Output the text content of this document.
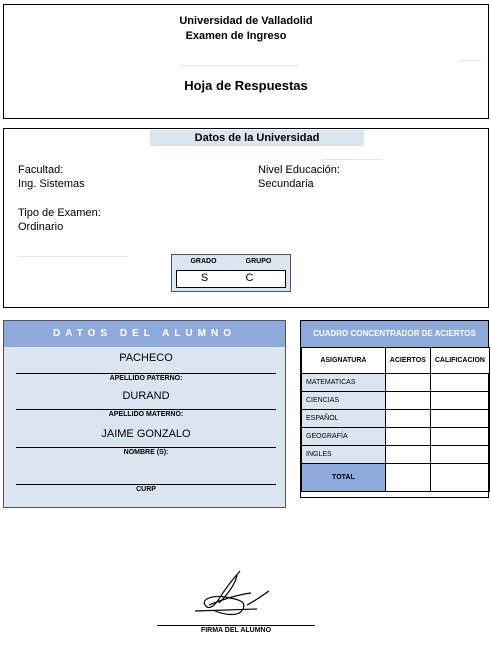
Universidad de Valladolid
Examen de Ingreso
Hoja de Respuestas
Datos de la Universidad
Facultad:
Ing. Sistemas
Nivel Educación:
Secundaria
Tipo de Examen:
Ordinario
GRADO	GRUPO
S	C
DATOS DEL ALUMNO
PACHECO
APELLIDO PATERNO:
DURAND
APELLIDO MATERNO:
JAIME GONZALO
NOMBRE (S):
CURP
CUADRO CONCENTRADOR DE ACIERTOS
ASIGNATURA	ACIERTOS	CALIFICACION
MATEMATICAS		
CIENCIAS		
ESPAÑOL		
GEOGRAFÍA		
INGLES		
TOTAL		
FIRMA DEL ALUMNO
